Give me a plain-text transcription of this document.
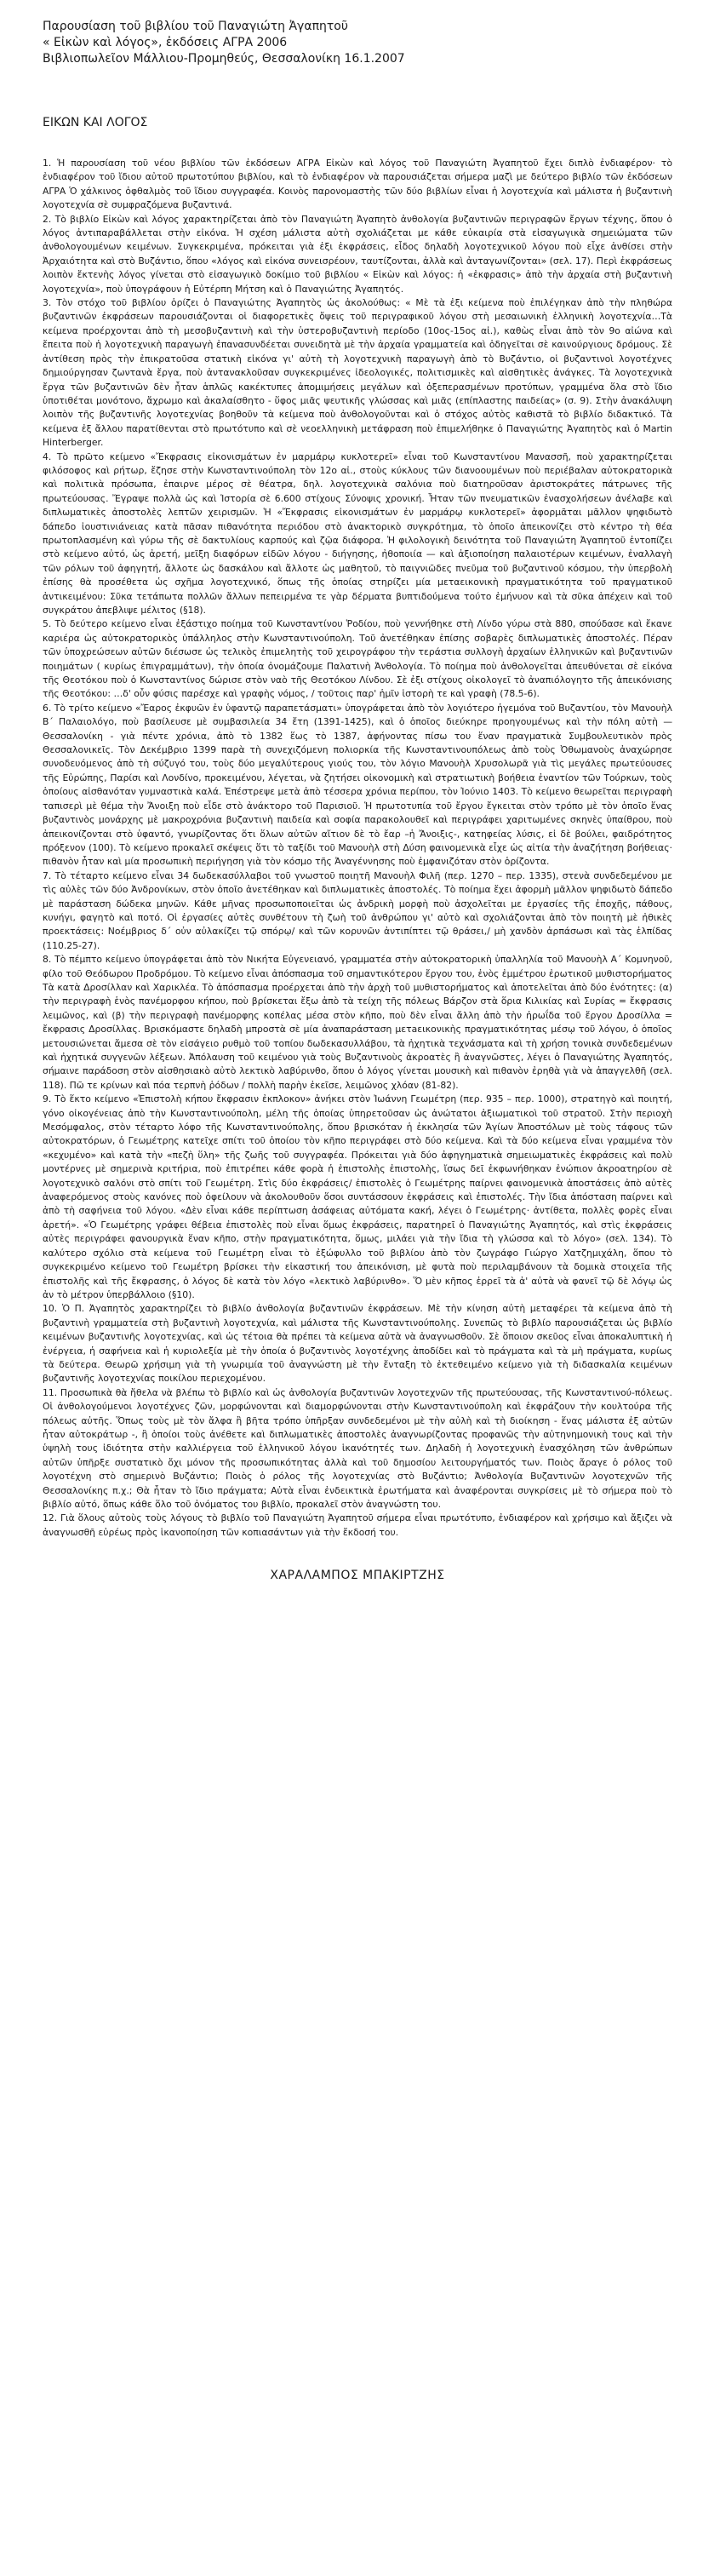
Παρουσίαση τοῦ βιβλίου τοῦ Παναγιώτη Ἀγαπητοῦ

« Εἰκὼν καὶ λόγος», ἐκδόσεις ΑΓΡΑ 2006

Βιβλιοπωλεῖον Μάλλιου-Προμηθεύς, Θεσσαλονίκη 16.1.2007

ΕΙΚΩΝ ΚΑΙ ΛΟΓΟΣ

1. Ἡ παρουσίαση τοῦ νέου βιβλίου τῶν ἐκδόσεων ΑΓΡΑ Εἰκὼν καὶ λόγος τοῦ Παναγιώτη Ἀγαπητοῦ ἔχει διπλὸ ἐνδιαφέρον· τὸ ἐνδιαφέρον τοῦ ἴδιου αὐτοῦ πρωτοτύπου βιβλίου, καὶ τὸ ἐνδιαφέρον νὰ παρουσιάζεται σήμερα μαζὶ με δεύτερο βιβλίο τῶν ἐκδόσεων ΑΓΡΑ Ὁ χάλκινος ὀφθαλμὸς τοῦ ἴδιου συγγραφέα. Κοινὸς παρονομαστὴς τῶν δύο βιβλίων εἶναι ἡ λογοτεχνία καὶ μάλιστα ἡ βυζαντινὴ λογοτεχνία σὲ συμφραζόμενα βυζαντινά.

2. Τὸ βιβλίο Εἰκὼν καὶ λόγος χαρακτηρίζεται ἀπὸ τὸν Παναγιώτη Ἀγαπητὸ ἀνθολογία βυζαντινῶν περιγραφῶν ἔργων τέχνης, ὅπου ὁ λόγος ἀντιπαραβάλλεται στὴν εἰκόνα. Ἡ σχέση μάλιστα αὐτὴ σχολιάζεται με κάθε εὐκαιρία στὰ εἰσαγωγικὰ σημειώματα τῶν ἀνθολογουμένων κειμένων. Συγκεκριμένα, πρόκειται γιὰ ἐξι ἐκφράσεις, εἶδος δηλαδὴ λογοτεχνικοῦ λόγου ποὺ εἶχε ἀνθίσει στὴν Ἀρχαιότητα καὶ στὸ Βυζάντιο, ὅπου «λόγος καὶ εἰκόνα συνεισρέουν, ταυτίζονται, ἀλλὰ καὶ ἀνταγωνίζονται» (σελ. 17). Περὶ ἐκφράσεως λοιπὸν ἔκτενὴς λόγος γίνεται στὸ εἰσαγωγικὸ δοκίμιο τοῦ βιβλίου « Εἰκὼν καὶ λόγος: ἡ «ἐκφρασις» ἀπὸ τὴν ἀρχαία στὴ βυζαντινὴ λογοτεχνία», ποὺ ὑπογράφουν ἡ Εὐτέρπη Μήτση καὶ ὁ Παναγιώτης Ἀγαπητός.

3. Τὸν στόχο τοῦ βιβλίου ὁρίζει ὁ Παναγιώτης Ἀγαπητὸς ὡς ἀκολούθως: « Μὲ τὰ ἐξι κείμενα ποὺ ἐπιλέγηκαν ἀπὸ τὴν πληθώρα βυζαντινῶν ἐκφράσεων παρουσιάζονται οἱ διαφορετικὲς ὄψεις τοῦ περιγραφικοῦ λόγου στὴ μεσαιωνικὴ ἑλληνικὴ λογοτεχνία…Τὰ κείμενα προέρχονται ἀπὸ τὴ μεσοβυζαντινὴ καὶ τὴν ὑστεροβυζαντινὴ περίοδο (10ος-15ος αἰ.), καθὼς εἶναι ἀπὸ τὸν 9ο αἰώνα καὶ ἔπειτα ποὺ ἡ λογοτεχνικὴ παραγωγὴ ἐπανασυνδέεται συνειδητὰ μὲ τὴν ἀρχαία γραμματεία καὶ ὁδηγεῖται σὲ καινούργιους δρόμους. Σὲ ἀντίθεση πρὸς τὴν ἐπικρατοῦσα στατικὴ εἰκόνα γι' αὐτὴ τὴ λογοτεχνικὴ παραγωγὴ ἀπὸ τὸ Βυζάντιο, οἱ βυζαντινοὶ λογοτέχνες δημιούργησαν ζωντανὰ ἔργα, ποὺ ἀντανακλοῦσαν συγκεκριμένες ἰδεολογικές, πολιτισμικὲς καὶ αἰσθητικὲς ἀνάγκες. Τὰ λογοτεχνικὰ ἔργα τῶν βυζαντινῶν δὲν ἦταν ἁπλῶς κακέκτυπες ἀπομιμήσεις μεγάλων καὶ ὀξεπερασμένων προτύπων, γραμμένα ὅλα στὸ ἴδιο ὑποτιθέται μονότονο, ἄχρωμο καὶ ἀκαλαίσθητο - ὕφος μιᾶς ψευτικῆς γλώσσας καὶ μιᾶς (επίπλαστης παιδείας» (σ. 9). Στὴν ἀνακάλυψη λοιπὸν τῆς βυζαντινῆς λογοτεχνίας βοηθοῦν τὰ κείμενα ποὺ ἀνθολογοῦνται καὶ ὁ στόχος αὐτὸς καθιστᾶ τὸ βιβλίο διδακτικό. Τὰ κείμενα ἐξ ἄλλου παρατίθενται στὸ πρωτότυπο καὶ σὲ νεοελληνικὴ μετάφραση ποὺ ἐπιμελήθηκε ὁ Παναγιώτης Ἀγαπητὸς καὶ ὁ Martin Hinterberger.

4. Τὸ πρῶτο κείμενο «Ἔκφρασις εἰκονισμάτων ἐν μαρμάρῳ κυκλοτερεῖ» εἶναι τοῦ Κωνσταντίνου Μανασσῆ, ποὺ χαρακτηρίζεται φιλόσοφος καὶ ρήτωρ, ἔζησε στὴν Κωνσταντινούπολη τὸν 12ο αἰ., στοὺς κύκλους τῶν διανοουμένων ποὺ περιέβαλαν αὐτοκρατορικὰ καὶ πολιτικὰ πρόσωπα, ἐπαιρνε μέρος σὲ θέατρα, δηλ. λογοτεχνικὰ σαλόνια ποὺ διατηροῦσαν ἀριστοκράτες πάτρωνες τῆς πρωτεύουσας. Ἔγραψε πολλὰ ὡς καὶ Ἱστορία σὲ 6.600 στίχους Σύνοψις χρονική. Ἦταν τῶν πνευματικῶν ἐνασχολήσεων ἀνέλαβε καὶ διπλωματικὲς ἀποστολὲς λεπτῶν χειρισμῶν. Ἡ «Ἔκφρασις εἰκονισμάτων ἐν μαρμάρῳ κυκλοτερεῖ» ἀφορμᾶται μᾶλλον ψηφιδωτὸ δάπεδο ἰουστινιάνειας κατὰ πᾶσαν πιθανότητα περιόδου στὸ ἀνακτορικὸ συγκρότημα, τὸ ὁποῖο ἀπεικονίζει στὸ κέντρο τὴ θέα πρωτοπλασμένη καὶ γύρω τῆς σὲ δακτυλίους καρπούς καὶ ζῷα διάφορα. Ἡ φιλολογικὴ δεινότητα τοῦ Παναγιώτη Ἀγαπητοῦ ἐντοπίζει στὸ κείμενο αὐτό, ὡς ἀρετή, μεῖξη διαφόρων εἰδῶν λόγου - διήγησης, ἠθοποιία — καὶ ἀξιοποίηση παλαιοτέρων κειμένων, ἐναλλαγὴ τῶν ρόλων τοῦ ἀφηγητή, ἄλλοτε ὡς δασκάλου καὶ ἄλλοτε ὡς μαθητοῦ, τὸ παιγνιῶδες πνεῦμα τοῦ βυζαντινοῦ κόσμου, τὴν ὑπερβολὴ ἐπίσης θὰ προσέθετα ὡς σχῆμα λογοτεχνικό, ὅπως τῆς ὁποίας στηρίζει μία μεταεικονικὴ πραγματικότητα τοῦ πραγματικοῦ ἀντικειμένου: Σῦκα τετάπωτα πολλῶν ἄλλων πεπειρμένα τε γὰρ δέρματα βυπτιδούμενα τούτο ἐμήνυον καὶ τὰ σῦκα ἀπέχειν καὶ τοῦ συγκράτου ἀπεβλιψε μέλιτος (§18).

5. Τὸ δεύτερο κείμενο εἶναι ἐξάστιχο ποίημα τοῦ Κωνσταντίνου Ῥοδίου, ποὺ γεννήθηκε στὴ Λίνδο γύρω στὰ 880, σπούδασε καὶ ἔκανε καριέρα ὡς αὐτοκρατορικὸς ὑπάλληλος στὴν Κωνσταντινούπολη. Τοῦ ἀνετέθηκαν ἐπίσης σοβαρὲς διπλωματικὲς ἀποστολές. Πέραν τῶν ὑποχρεώσεων αὐτῶν διέσωσε ὡς τελικὸς ἐπιμελητὴς τοῦ χειρογράφου τὴν τεράστια συλλογὴ ἀρχαίων ἑλληνικῶν καὶ βυζαντινῶν ποιημάτων ( κυρίως ἐπιγραμμάτων), τὴν ὁποία ὀνομάζουμε Παλατινὴ Ἀνθολογία. Τὸ ποίημα ποὺ ἀνθολογεῖται ἀπευθύνεται σὲ εἰκόνα τῆς Θεοτόκου ποὺ ὁ Κωνσταντίνος δώρισε στὸν ναὸ τῆς Θεοτόκου Λίνδου. Σὲ ἐξι στίχους οἰκολογεῖ τὸ ἀναπιόλογητο τῆς ἀπεικόνισης τῆς Θεοτόκου: …δ' οὖν φύσις παρέσχε καὶ γραφὴς νόμος, / τοῦτοις παρ' ἡμῖν ἱστορὴ τε καὶ γραφὴ (78.5-6).

6. Τὸ τρίτο κείμενο «Ἔαρος ἐκφυῶν ἐν ὑφαντῷ παραπετάσματι» ὑπογράφεται ἀπὸ τὸν λογιότερο ἡγεμόνα τοῦ Βυζαντίου, τὸν Μανουὴλ Β΄ Παλαιολόγο, ποὺ βασίλευσε μὲ συμβασιλεία 34 ἔτη (1391-1425), καὶ ὁ ὁποῖος διεύκηρε προηγουμένως καὶ τὴν πόλη αὐτὴ — Θεσσαλονίκη - γιὰ πέντε χρόνια, ἀπὸ τὸ 1382 ἕως τὸ 1387, ἀφήνοντας πίσω του ἕναν πραγματικὰ Συμβουλευτικὸν πρὸς Θεσσαλονικεῖς. Τὸν Δεκέμβριο 1399 παρὰ τὴ συνεχιζόμενη πολιορκία τῆς Κωνσταντινουπόλεως ἀπὸ τοὺς Ὀθωμανοὺς ἀναχώρησε συνοδευόμενος ἀπὸ τὴ σύζυγό του, τοὺς δύο μεγαλύτερους γιούς του, τὸν λόγιο Μανουὴλ Χρυσολωρᾶ γιὰ τὶς μεγάλες πρωτεύουσες τῆς Εὐρώπης, Παρίσι καὶ Λονδίνο, προκειμένου, λέγεται, νὰ ζητήσει οἰκονομικὴ καὶ στρατιωτικὴ βοήθεια ἐναντίον τῶν Τούρκων, τοὺς ὁποίους αἰσθανόταν γυμναστικὰ καλά. Ἐπέστρεψε μετὰ ἀπὸ τέσσερα χρόνια περίπου, τὸν Ἰούνιο 1403. Τὸ κείμενο θεωρεῖται περιγραφὴ ταπισερὶ μὲ θέμα τὴν Ἄνοιξη ποὺ εἶδε στὸ ἀνάκτορο τοῦ Παρισιοῦ. Ἡ πρωτοτυπία τοῦ ἔργου ἔγκειται στὸν τρόπο μὲ τὸν ὁποῖο ἕνας βυζαντινὸς μονάρχης μὲ μακροχρόνια βυζαντινὴ παιδεία καὶ σοφία παρακολουθεῖ καὶ περιγράφει χαριτωμένες σκηνὲς ὑπαίθρου, ποὺ ἀπεικονίζονται στὸ ὑφαντό, γνωρίζοντας ὅτι ὅλων αὐτῶν αἴτιον δὲ τὸ ἔαρ –ἡ Ἄνοιξις-, κατηφείας λύσις, εἰ δὲ βούλει, φαιδρότητος πρόξενον (100). Τὸ κείμενο προκαλεῖ σκέψεις ὅτι τὸ ταξίδι τοῦ Μανουὴλ στὴ Δύση φαινομενικὰ εἶχε ὡς αἰτία τὴν ἀναζήτηση βοήθειας· πιθανὸν ἦταν καὶ μία προσωπικὴ περιήγηση γιὰ τὸν κόσμο τῆς Ἀναγέννησης ποὺ ἐμφανιζόταν στὸν ὁρίζοντα.

7. Τὸ τέταρτο κείμενο εἶναι 34 δωδεκασύλλαβοι τοῦ γνωστοῦ ποιητῆ Μανουὴλ Φιλῆ (περ. 1270 – περ. 1335), στενὰ συνδεδεμένου με τὶς αὐλὲς τῶν δύο Ἀνδρονίκων, στὸν ὁποῖο ἀνετέθηκαν καὶ διπλωματικὲς ἀποστολές. Τὸ ποίημα ἔχει ἀφορμὴ μᾶλλον ψηφιδωτὸ δάπεδο μὲ παράσταση δώδεκα μηνῶν. Κάθε μῆνας προσωποποιεῖται ὡς ἀνδρικὴ μορφὴ ποὺ ἀσχολεῖται με ἐργασίες τῆς ἐποχῆς, πάθους, κυνήγι, φαγητὸ καὶ ποτό. Οἱ ἐργασίες αὐτὲς συνθέτουν τὴ ζωὴ τοῦ ἀνθρώπου γι' αὐτὸ καὶ σχολιάζονται ἀπὸ τὸν ποιητὴ μὲ ἠθικὲς προεκτάσεις: Νοέμβριος δ΄ οὐν αὐλακίζει τῷ σπόρῳ/ καὶ τῶν κορυνῶν ἀντιπίπτει τῷ θράσει,/ μὴ χανδὸν ἀρπάσωσι καὶ τὰς ἐλπίδας (110.25-27).

8. Τὸ πέμπτο κείμενο ὑπογράφεται ἀπὸ τὸν Νικήτα Εὐγενειανό, γραμματέα στὴν αὐτοκρατορικὴ ὑπαλληλία τοῦ Μανουὴλ Α΄ Κομνηνοῦ, φίλο τοῦ Θεόδωρου Προδρόμου. Τὸ κείμενο εἶναι ἀπόσπασμα τοῦ σημαντικότερου ἔργου του, ἑνὸς ἐμμέτρου ἐρωτικοῦ μυθιστορήματος Τὰ κατὰ Δροσίλλαν καὶ Χαρικλέα. Τὸ ἀπόσπασμα προέρχεται ἀπὸ τὴν ἀρχὴ τοῦ μυθιστορήματος καὶ ἀποτελεῖται ἀπὸ δύο ἐνότητες: (α) τὴν περιγραφὴ ἑνὸς πανέμορφου κήπου, ποὺ βρίσκεται ἔξω ἀπὸ τὰ τείχη τῆς πόλεως Βάρζον στὰ ὅρια Κιλικίας καὶ Συρίας = ἔκφρασις λειμῶνος, καὶ (β) τὴν περιγραφὴ πανέμορφης κοπέλας μέσα στὸν κῆπο, ποὺ δὲν εἶναι ἄλλη ἀπὸ τὴν ἡρωΐδα τοῦ ἔργου Δροσίλλα = ἔκφρασις Δροσίλλας. Βρισκόμαστε δηλαδὴ μπροστὰ σὲ μία ἀναπαράσταση μετaεικονικὴς πραγματικότητας μέσῳ τοῦ λόγου, ὁ ὁποῖος μετουσιώνεται ἄμεσα σὲ τὸν εἰσάγειο ρυθμὸ τοῦ τοπίου δωδεκασυλλάβου, τὰ ἠχητικὰ τεχνάσματα καὶ τὴ χρήση τονικὰ συνδεδεμένων καὶ ἠχητικά συγγενῶν λέξεων. Ἀπόλαυση τοῦ κειμένου γιὰ τοὺς Βυζαντινοὺς ἀκροατὲς ἢ ἀναγνῶστες, λέγει ὁ Παναγιώτης Ἀγαπητός, σήμαινε παράδοση στὸν αἰσθησιακὸ αὐτὸ λεκτικὸ λαβύρινθο, ὅπου ὁ λόγος γίνεται μουσικὴ καὶ πιθανὸν ἐρηθὰ γιὰ νὰ ἀπαγγελθῆ (σελ. 118). Πῶ τε κρίνων καὶ πόα τερπνὴ ῥόδων / πολλὴ παρὴν ἐκεῖσε, λειμῶνος χλόαν (81-82).

9. Τὸ ἕκτο κείμενο «Ἐπιστολὴ κήπου ἔκφρασιν ἐκπλοκον» ἀνήκει στὸν Ἰωάννη Γεωμέτρη (περ. 935 – περ. 1000), στρατηγὸ καὶ ποιητή, γόνο οἰκογένειας ἀπὸ τὴν Κωνσταντινούπολη, μέλη τῆς ὁποίας ὑπηρετοῦσαν ὡς ἀνώτατοι ἀξιωματικοὶ τοῦ στρατοῦ. Στὴν περιοχὴ Μεσόμφαλος, στὸν τέταρτο λόφο τῆς Κωνσταντινούπολης, ὅπου βρισκόταν ἡ ἐκκλησία τῶν Ἁγίων Ἀποστόλων μὲ τοὺς τάφους τῶν αὐτοκρατόρων, ὁ Γεωμέτρης κατεῖχε σπίτι τοῦ ὁποίου τὸν κῆπο περιγράφει στὸ δύο κείμενα. Καὶ τὰ δύο κείμενα εἶναι γραμμένα τὸν «κεχυμένο» καὶ κατὰ τὴν «πεζὴ ὕλη» τῆς ζωῆς τοῦ συγγραφέα. Πρόκειται γιὰ δύο ἀφηγηματικὰ σημειωματικὲς ἐκφράσεις καὶ πολὺ μοντέρνες μὲ σημερινὰ κριτήρια, ποὺ ἐπιτρέπει κάθε φορὰ ἡ ἐπιστολὴς ἐπιστολὴς, ἴσως δεῖ ἐκφωνήθηκαν ἐνώπιον ἀκροατηρίου σὲ λογοτεχνικὸ σαλόνι στὸ σπίτι τοῦ Γεωμέτρη. Στὶς δύο ἐκφράσεις/ ἐπιστολὲς ὁ Γεωμέτρης παίρνει φαινομενικὰ ἀποστάσεις ἀπὸ αὐτὲς ἀναφερόμενος στοὺς κανόνες ποὺ ὀφείλουν νὰ ἀκολουθοῦν ὅσοι συντάσσουν ἐκφράσεις καὶ ἐπιστολές. Τὴν ἴδια ἀπόσταση παίρνει καὶ ἀπὸ τὴ σαφήνεια τοῦ λόγου. «Δὲν εἶναι κάθε περίπτωση ἀσάφειας αὐτόματα κακή, λέγει ὁ Γεωμέτρης· ἀντίθετα, πολλὲς φορὲς εἶναι ἀρετή». «Ὁ Γεωμέτρης γράφει θέβεια ἐπιστολὲς ποὺ εἶναι ὅμως ἐκφράσεις, παρατηρεῖ ὁ Παναγιώτης Ἀγαπητός, καὶ στὶς ἐκφράσεις αὐτὲς περιγράφει φανουργικὰ ἕναν κῆπο, στὴν πραγματικότητα, ὅμως, μιλάει γιὰ τὴν ἴδια τὴ γλώσσα καὶ τὸ λόγο» (σελ. 134). Τὸ καλύτερο σχόλιο στὰ κείμενα τοῦ Γεωμέτρη εἶναι τὸ ἐξώφυλλο τοῦ βιβλίου ἀπὸ τὸν ζωγράφο Γιώργο Χατζημιχάλη, ὅπου τὸ συγκεκριμένο κείμενο τοῦ Γεωμέτρη βρίσκει τὴν εἰκαστική του ἀπεικόνιση, μὲ φυτὰ ποὺ περιλαμβάνουν τὰ δομικὰ στοιχεῖα τῆς ἐπιστολῆς καὶ τῆς ἔκφρασης, ὁ λόγος δὲ κατὰ τὸν λόγο «λεκτικὸ λαβύρινθο». Ὅ μὲν κῆπος ἐρρεῖ τὰ ἀ' αὐτὰ νὰ φανεῖ τῷ δὲ λόγῳ ὡς ἀν τὸ μέτρον ὑπερβάλλοιο (§10).

10. Ὁ Π. Ἀγαπητὸς χαρακτηρίζει τὸ βιβλίο ἀνθολογία βυζαντινῶν ἐκφράσεων. Μὲ τὴν κίνηση αὐτὴ μεταφέρει τὰ κείμενα ἀπὸ τὴ βυζαντινὴ γραμματεία στὴ βυζαντινὴ λογοτεχνία, καὶ μάλιστα τῆς Κωνσταντινούπολης. Συνεπῶς τὸ βιβλίο παρουσιάζεται ὡς βιβλίο κειμένων βυζαντινῆς λογοτεχνίας, καὶ ὡς τέτοια θὰ πρέπει τὰ κείμενα αὐτὰ νὰ ἀναγνωσθοῦν. Σὲ ὅποιον σκεῦος εἶναι ἀποκαλυπτικὴ ἡ ἐνέργεια, ἡ σαφήνεια καὶ ἡ κυριολεξία μὲ τὴν ὁποία ὁ βυζαντινὸς λογοτέχνης ἀποδίδει καὶ τὸ πράγματα καὶ τὰ μὴ πράγματα, κυρίως τὰ δεύτερα. Θεωρῶ χρήσιμη γιὰ τὴ γνωριμία τοῦ ἀναγνώστη μὲ τὴν ἔνταξη τὸ ἐκτεθειμένο κείμενο γιὰ τὴ διδασκαλία κειμένων βυζαντινῆς λογοτεχνίας ποικίλου περιεχομένου.

11. Προσωπικὰ θὰ ἤθελα νὰ βλέπω τὸ βιβλίο καὶ ὡς ἀνθολογία βυζαντινῶν λογοτεχνῶν τῆς πρωτεύουσας, τῆς Κωνσταντινού-πόλεως. Οἱ ἀνθολογούμενοι λογοτέχνες ζῶν, μορφώνονται καὶ διαμορφώνονται στὴν Κωνσταντινούπολη καὶ ἐκφράζουν τὴν κουλτούρα τῆς πόλεως αὐτῆς. Ὅπως τοὺς μὲ τὸν ἄλφα ἢ βῆτα τρόπο ὑπῆρξαν συνδεδεμένοι μὲ τὴν αὐλὴ καὶ τὴ διοίκηση - ἕνας μάλιστα ἐξ αὐτῶν ἦταν αὐτοκράτωρ -, ἢ ὁποίοι τοὺς ἀνέθετε καὶ διπλωματικὲς ἀποστολὲς ἀναγνωρίζοντας προφανῶς τὴν αὐτηνημονικὴ τους καὶ τὴν ὑψηλὴ τους ἰδιότητα στὴν καλλιέργεια τοῦ ἑλληνικοῦ λόγου ἱκανότητές των. Δηλαδὴ ἡ λογοτεχνικὴ ἐνασχόληση τῶν ἀνθρώπων αὐτῶν ὑπῆρξε συστατικὸ ὄχι μόνον τῆς προσωπικότητας ἀλλὰ καὶ τοῦ δημοσίου λειτουργήματός των. Ποιὸς ἄραγε ὁ ρόλος τοῦ λογοτέχνη στὸ σημερινὸ Βυζάντιο; Ποιὸς ὁ ρόλος τῆς λογοτεχνίας στὸ Βυζάντιο; Ἀνθολογία Βυζαντινῶν λογοτεχνῶν τῆς Θεσσαλονίκης π.χ.; Θὰ ἦταν τὸ ἴδιο πράγματα; Αὐτὰ εἶναι ἐνδεικτικὰ ἐρωτήματα καὶ ἀναφέρονται συγκρίσεις μὲ τὸ σήμερα ποὺ τὸ βιβλίο αὐτό, ὅπως κάθε ὅλο τοῦ ὀνόματος του βιβλίο, προκαλεῖ στὸν ἀναγνώστη του.

12. Γιὰ ὅλους αὐτοὺς τοὺς λόγους τὸ βιβλίο τοῦ Παναγιώτη Ἀγαπητοῦ σήμερα εἶναι πρωτότυπο, ἐνδιαφέρον καὶ χρήσιμο καὶ ἄξιζει νὰ ἀναγνωσθῆ εὐρέως πρὸς ἱκανοποίηση τῶν κοπιασάντων γιὰ τὴν ἔκδοσή του.

ΧΑΡΑΛΑΜΠΟΣ ΜΠΑΚΙΡΤΖΗΣ
